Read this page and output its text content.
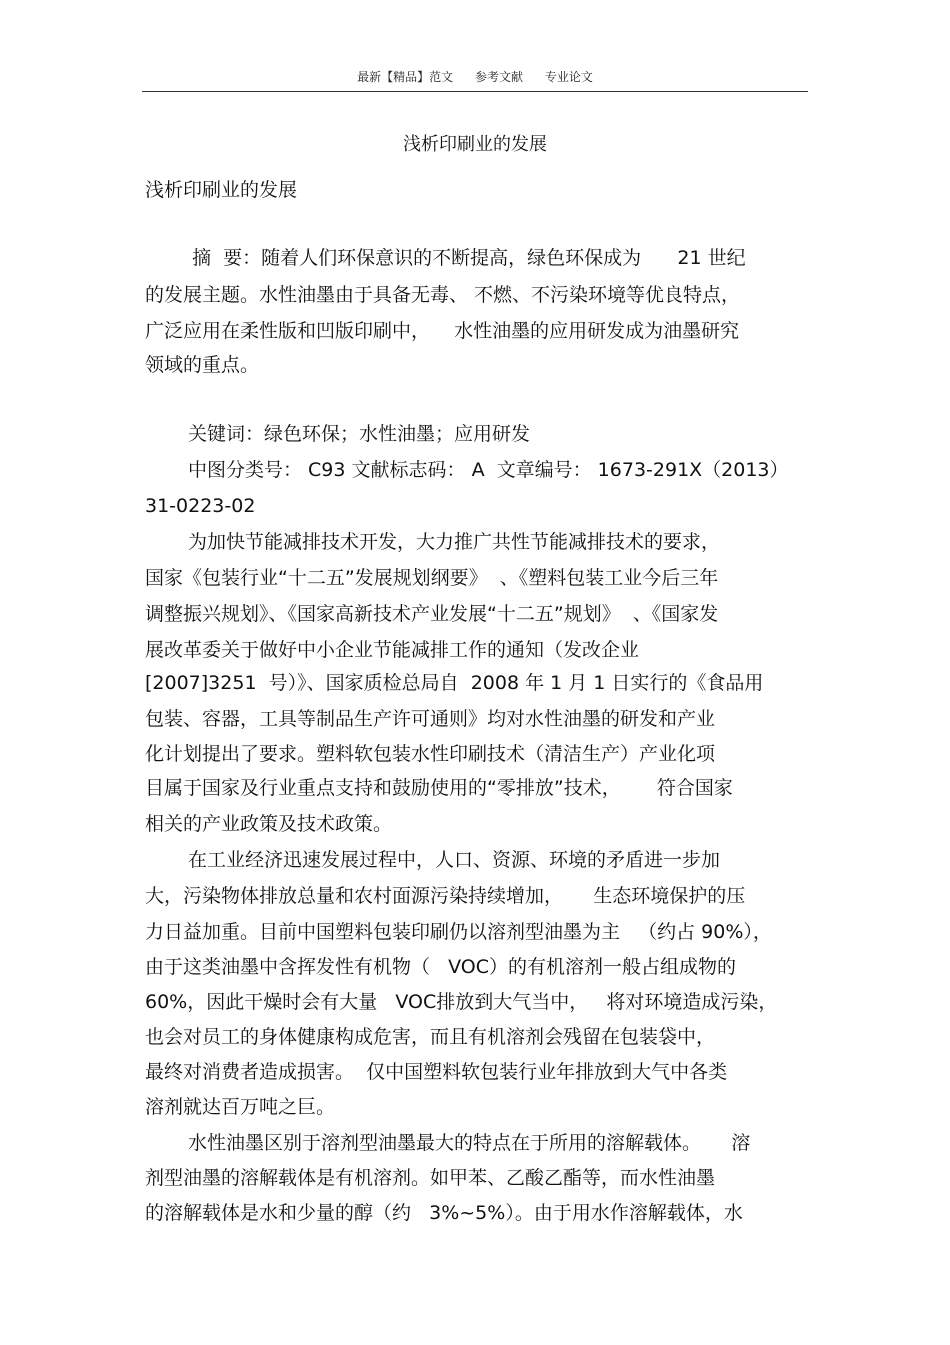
最新【精品】范文 参考文献 专业论文
浅析印刷业的发展
浅析印刷业的发展
摘  要：随着人们环保意识的不断提高，绿色环保成为      21 世纪
的发展主题。水性油墨由于具备无毒、 不燃、不污染环境等优良特点，
广泛应用在柔性版和凹版印刷中，    水性油墨的应用研发成为油墨研究
领域的重点。
关键词：绿色环保；水性油墨；应用研发
中图分类号： C93 文献标志码： A  文章编号： 1673-291X（2013）
31-0223-02
为加快节能减排技术开发，大力推广共性节能减排技术的要求，
国家《包装行业“十二五”发展规划纲要》  、《塑料包装工业今后三年
调整振兴规划》、《国家高新技术产业发展“十二五”规划》  、《国家发
展改革委关于做好中小企业节能减排工作的通知（发改企业
[2007]3251  号）》、国家质检总局自  2008 年 1 月 1 日实行的《食品用
包装、容器，工具等制品生产许可通则》均对水性油墨的研发和产业
化计划提出了要求。塑料软包装水性印刷技术（清洁生产）产业化项
目属于国家及行业重点支持和鼓励使用的“零排放”技术，      符合国家
相关的产业政策及技术政策。
在工业经济迅速发展过程中，人口、资源、环境的矛盾进一步加
大，污染物体排放总量和农村面源污染持续增加，     生态环境保护的压
力日益加重。目前中国塑料包装印刷仍以溶剂型油墨为主   （约占 90%），
由于这类油墨中含挥发性有机物（   VOC）的有机溶剂一般占组成物的
60%，因此干燥时会有大量   VOC排放到大气当中，   将对环境造成污染，
也会对员工的身体健康构成危害，而且有机溶剂会残留在包装袋中，
最终对消费者造成损害。  仅中国塑料软包装行业年排放到大气中各类
溶剂就达百万吨之巨。
水性油墨区别于溶剂型油墨最大的特点在于所用的溶解载体。     溶
剂型油墨的溶解载体是有机溶剂。如甲苯、乙酸乙酯等，而水性油墨
的溶解载体是水和少量的醇（约   3%~5%）。由于用水作溶解载体，水
